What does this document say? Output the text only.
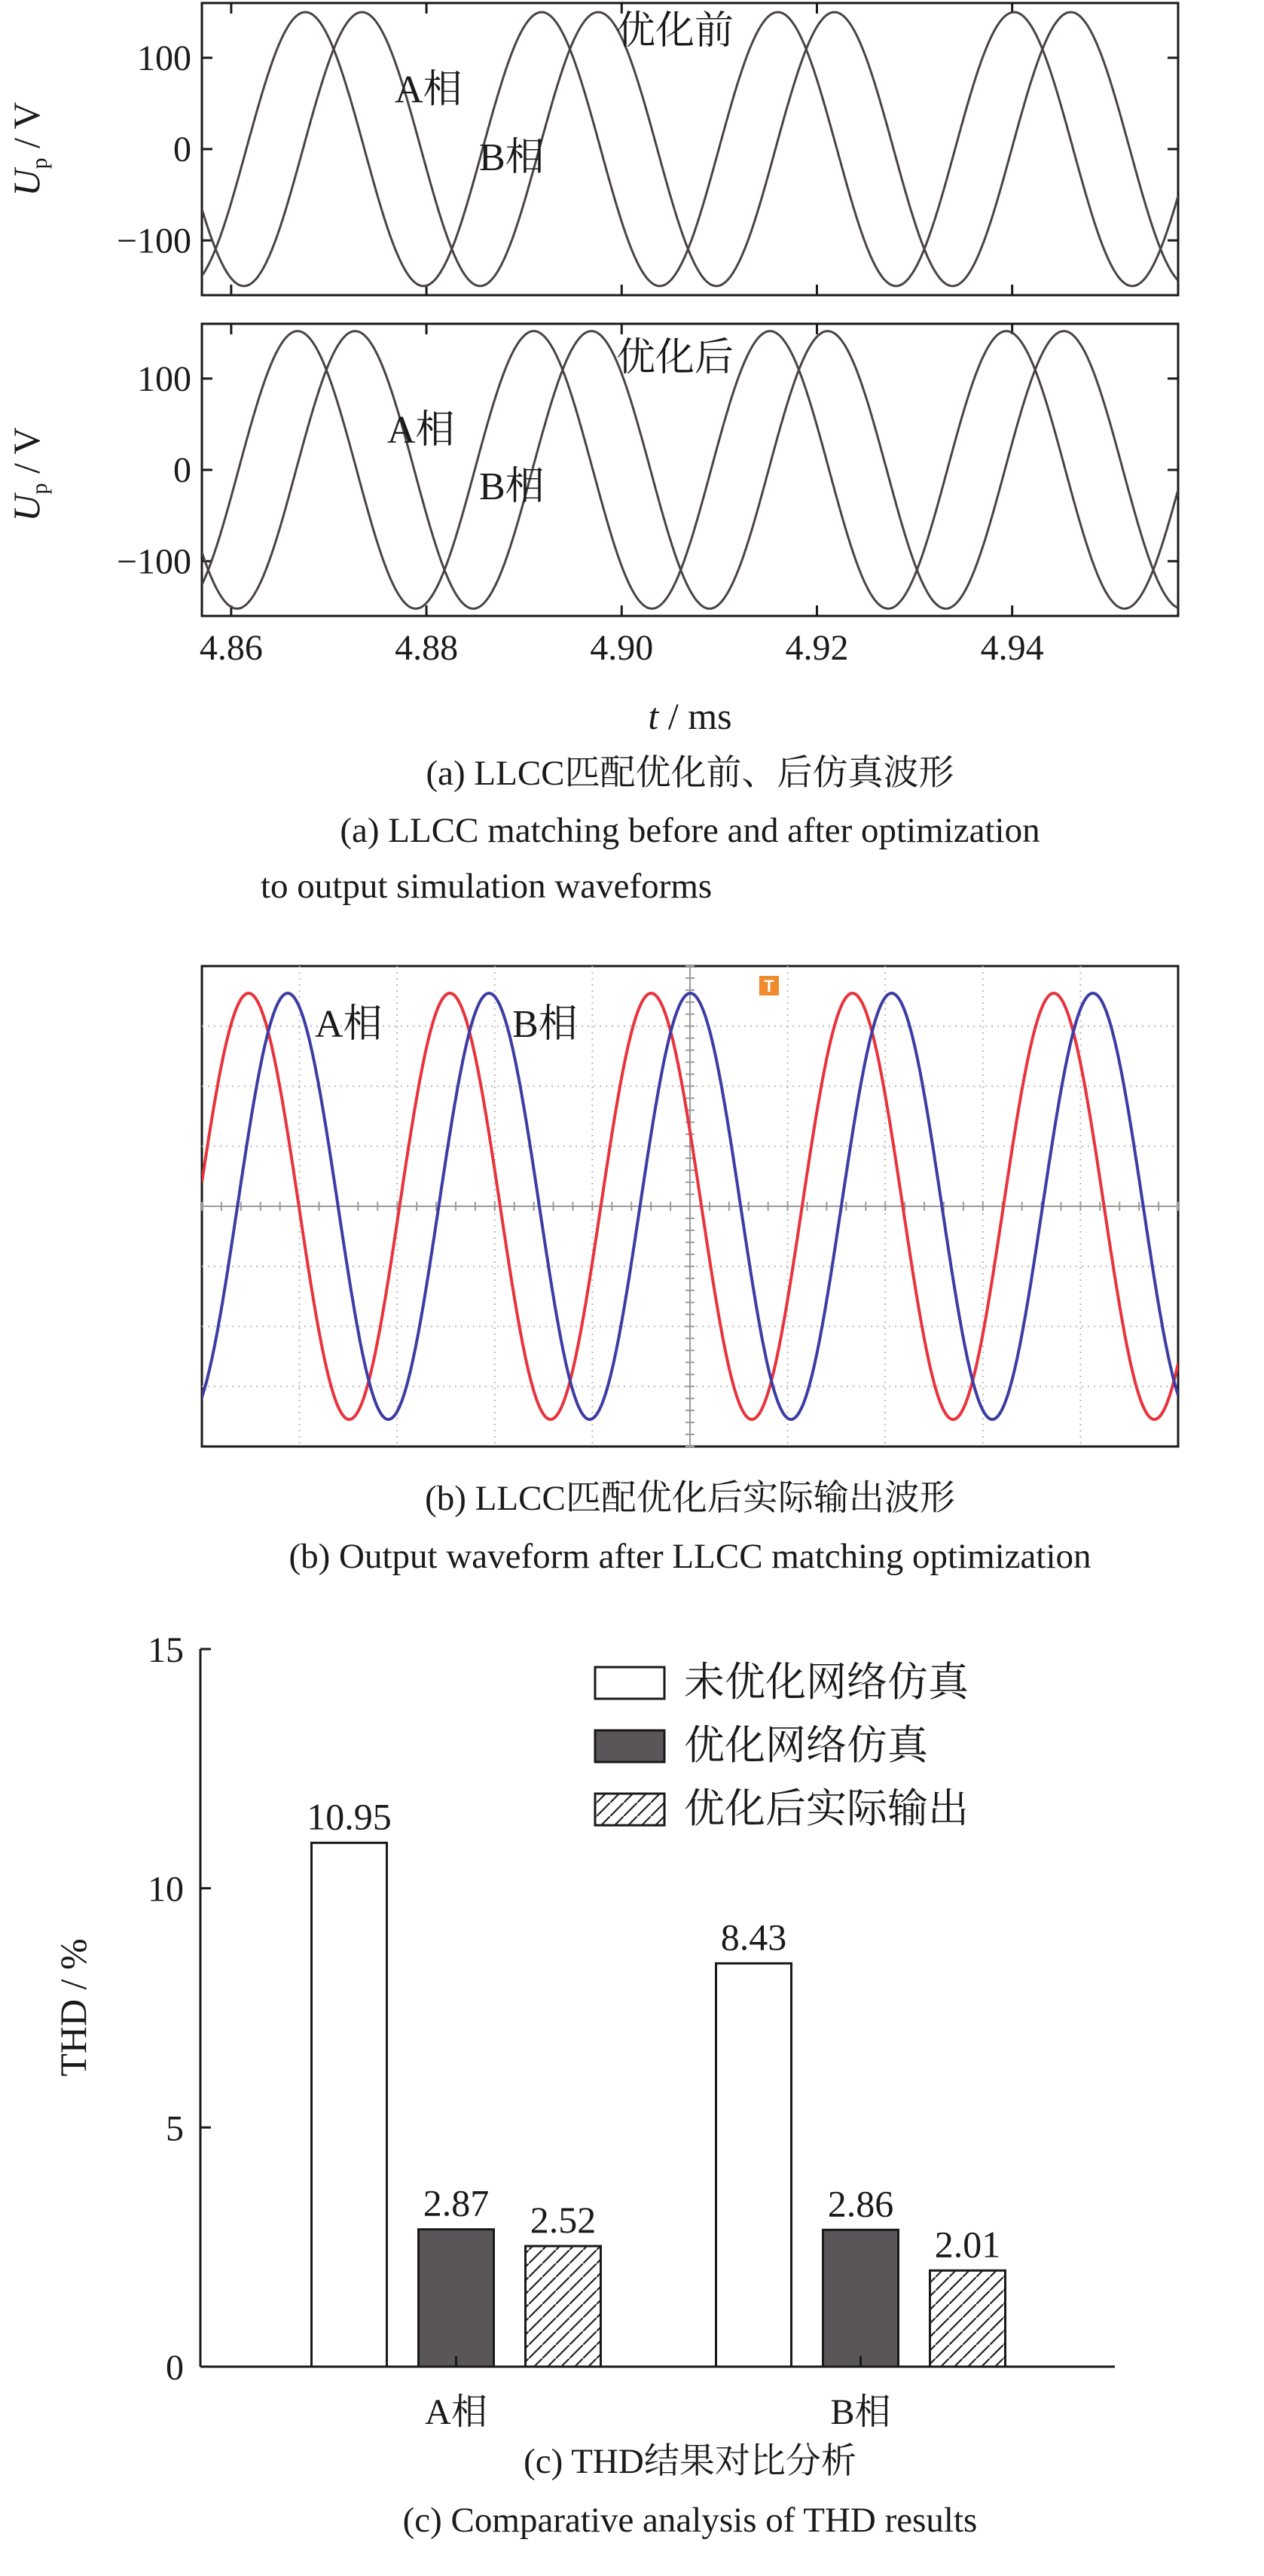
100
0
−100
优化前
A相
B相
100
0
−100
4.86	4.88	4.90	4.92	4.94
优化后
A相
B相
$U_p$ / V
$U_p$ / V
t / ms
(a) LLCC匹配优化前、后仿真波形
(a) LLCC matching before and after optimization
to output simulation waveforms
T
A相	B相
(b) LLCC匹配优化后实际输出波形
(b) Output waveform after LLCC matching optimization
0
5
10
15
10.95
2.87 2.52
8.43
2.86
2.01
A相	B相
THD / %
未优化网络仿真
优化网络仿真
优化后实际输出
(c) THD结果对比分析
(c) Comparative analysis of THD results
